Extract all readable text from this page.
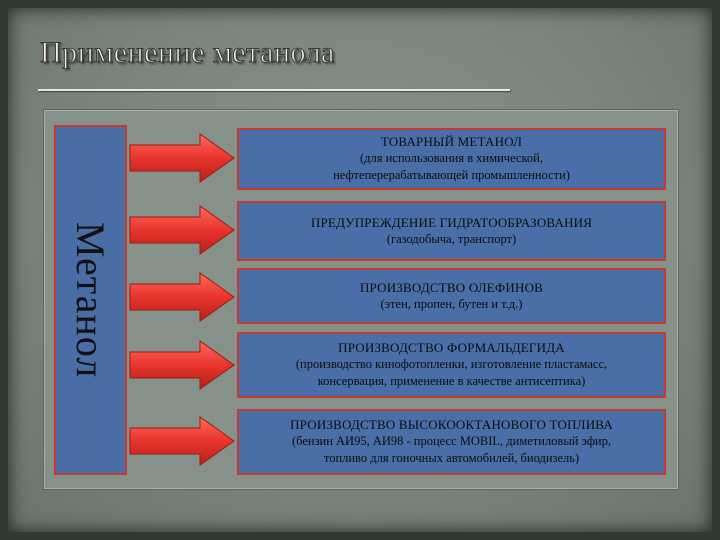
Применение метанола
Метанол
ТОВАРНЫЙ МЕТАНОЛ
(для использования в химической,
нефтеперерабатывающей промышленности)
ПРЕДУПРЕЖДЕНИЕ ГИДРАТООБРАЗОВАНИЯ
(газодобыча, транспорт)
ПРОИЗВОДСТВО ОЛЕФИНОВ
(этен, пропен, бутен и т.д.)
ПРОИЗВОДСТВО ФОРМАЛЬДЕГИДА
(производство кинофотопленки, изготовление пластамасс,
консервация, применение в качестве антисептика)
ПРОИЗВОДСТВО ВЫСОКООКТАНОВОГО ТОПЛИВА
(бензин АИ95, АИ98 - процесс MOBIL, диметиловый эфир,
топливо для гоночных автомобилей, биодизель)
